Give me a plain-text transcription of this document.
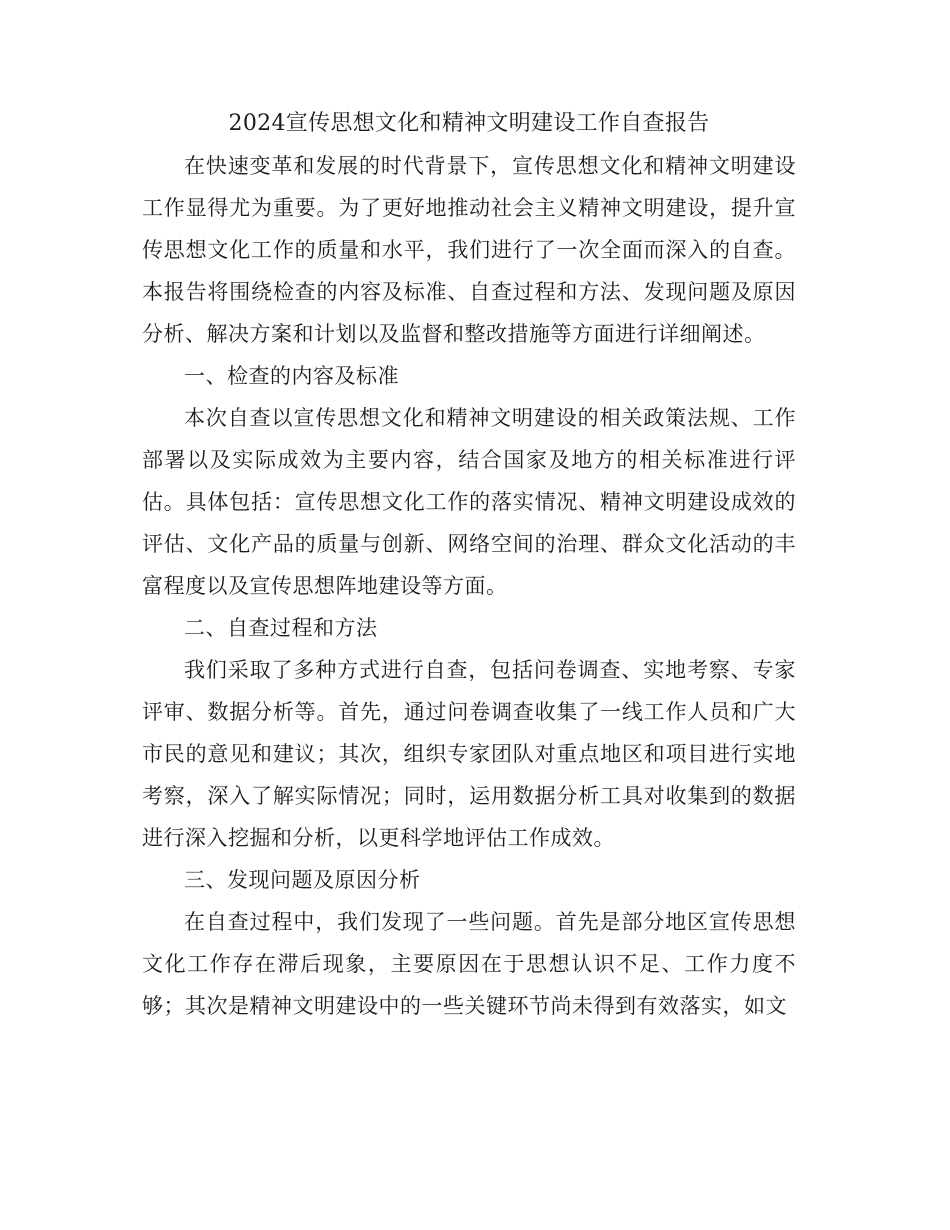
2024宣传思想文化和精神文明建设工作自查报告

在快速变革和发展的时代背景下，宣传思想文化和精神文明建设工作显得尤为重要。为了更好地推动社会主义精神文明建设，提升宣传思想文化工作的质量和水平，我们进行了一次全面而深入的自查。本报告将围绕检查的内容及标准、自查过程和方法、发现问题及原因分析、解决方案和计划以及监督和整改措施等方面进行详细阐述。

一、检查的内容及标准

本次自查以宣传思想文化和精神文明建设的相关政策法规、工作部署以及实际成效为主要内容，结合国家及地方的相关标准进行评估。具体包括：宣传思想文化工作的落实情况、精神文明建设成效的评估、文化产品的质量与创新、网络空间的治理、群众文化活动的丰富程度以及宣传思想阵地建设等方面。

二、自查过程和方法

我们采取了多种方式进行自查，包括问卷调查、实地考察、专家评审、数据分析等。首先，通过问卷调查收集了一线工作人员和广大市民的意见和建议；其次，组织专家团队对重点地区和项目进行实地考察，深入了解实际情况；同时，运用数据分析工具对收集到的数据进行深入挖掘和分析，以更科学地评估工作成效。

三、发现问题及原因分析

在自查过程中，我们发现了一些问题。首先是部分地区宣传思想文化工作存在滞后现象，主要原因在于思想认识不足、工作力度不够；其次是精神文明建设中的一些关键环节尚未得到有效落实，如文
